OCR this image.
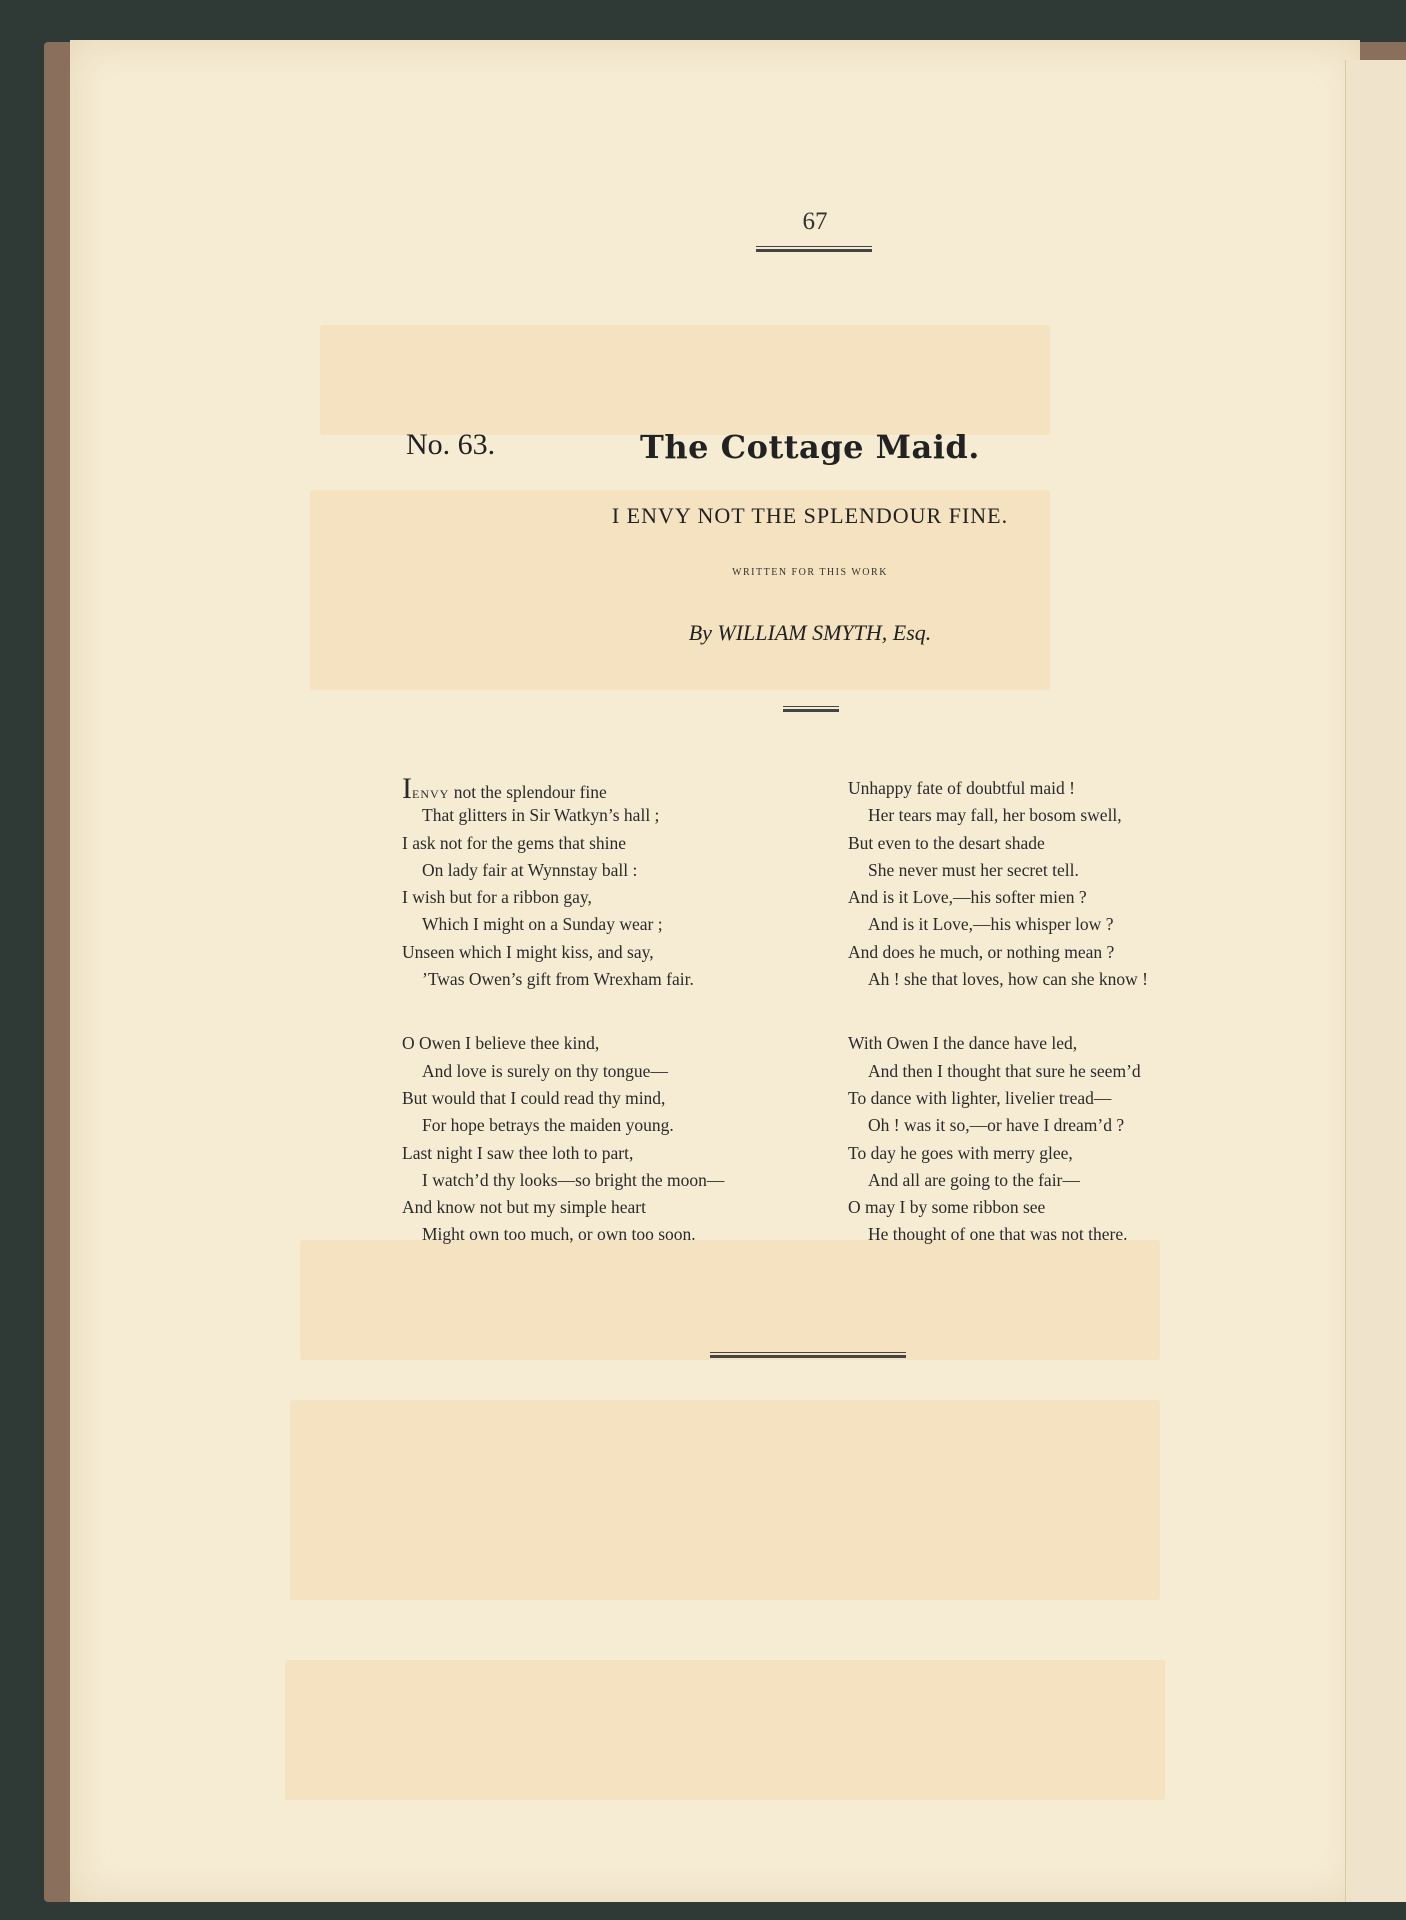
67
No. 63.	The Cottage Maid.
I ENVY NOT THE SPLENDOUR FINE.
WRITTEN FOR THIS WORK
By WILLIAM SMYTH, Esq.
IENVY not the splendour fine
That glitters in Sir Watkyn’s hall ;
I ask not for the gems that shine
On lady fair at Wynnstay ball :
I wish but for a ribbon gay,
Which I might on a Sunday wear ;
Unseen which I might kiss, and say,
’Twas Owen’s gift from Wrexham fair.
O Owen I believe thee kind,
And love is surely on thy tongue—
But would that I could read thy mind,
For hope betrays the maiden young.
Last night I saw thee loth to part,
I watch’d thy looks—so bright the moon—
And know not but my simple heart
Might own too much, or own too soon.
Unhappy fate of doubtful maid !
Her tears may fall, her bosom swell,
But even to the desart shade
She never must her secret tell.
And is it Love,—his softer mien ?
And is it Love,—his whisper low ?
And does he much, or nothing mean ?
Ah ! she that loves, how can she know !
With Owen I the dance have led,
And then I thought that sure he seem’d
To dance with lighter, livelier tread—
Oh ! was it so,—or have I dream’d ?
To day he goes with merry glee,
And all are going to the fair—
O may I by some ribbon see
He thought of one that was not there.
